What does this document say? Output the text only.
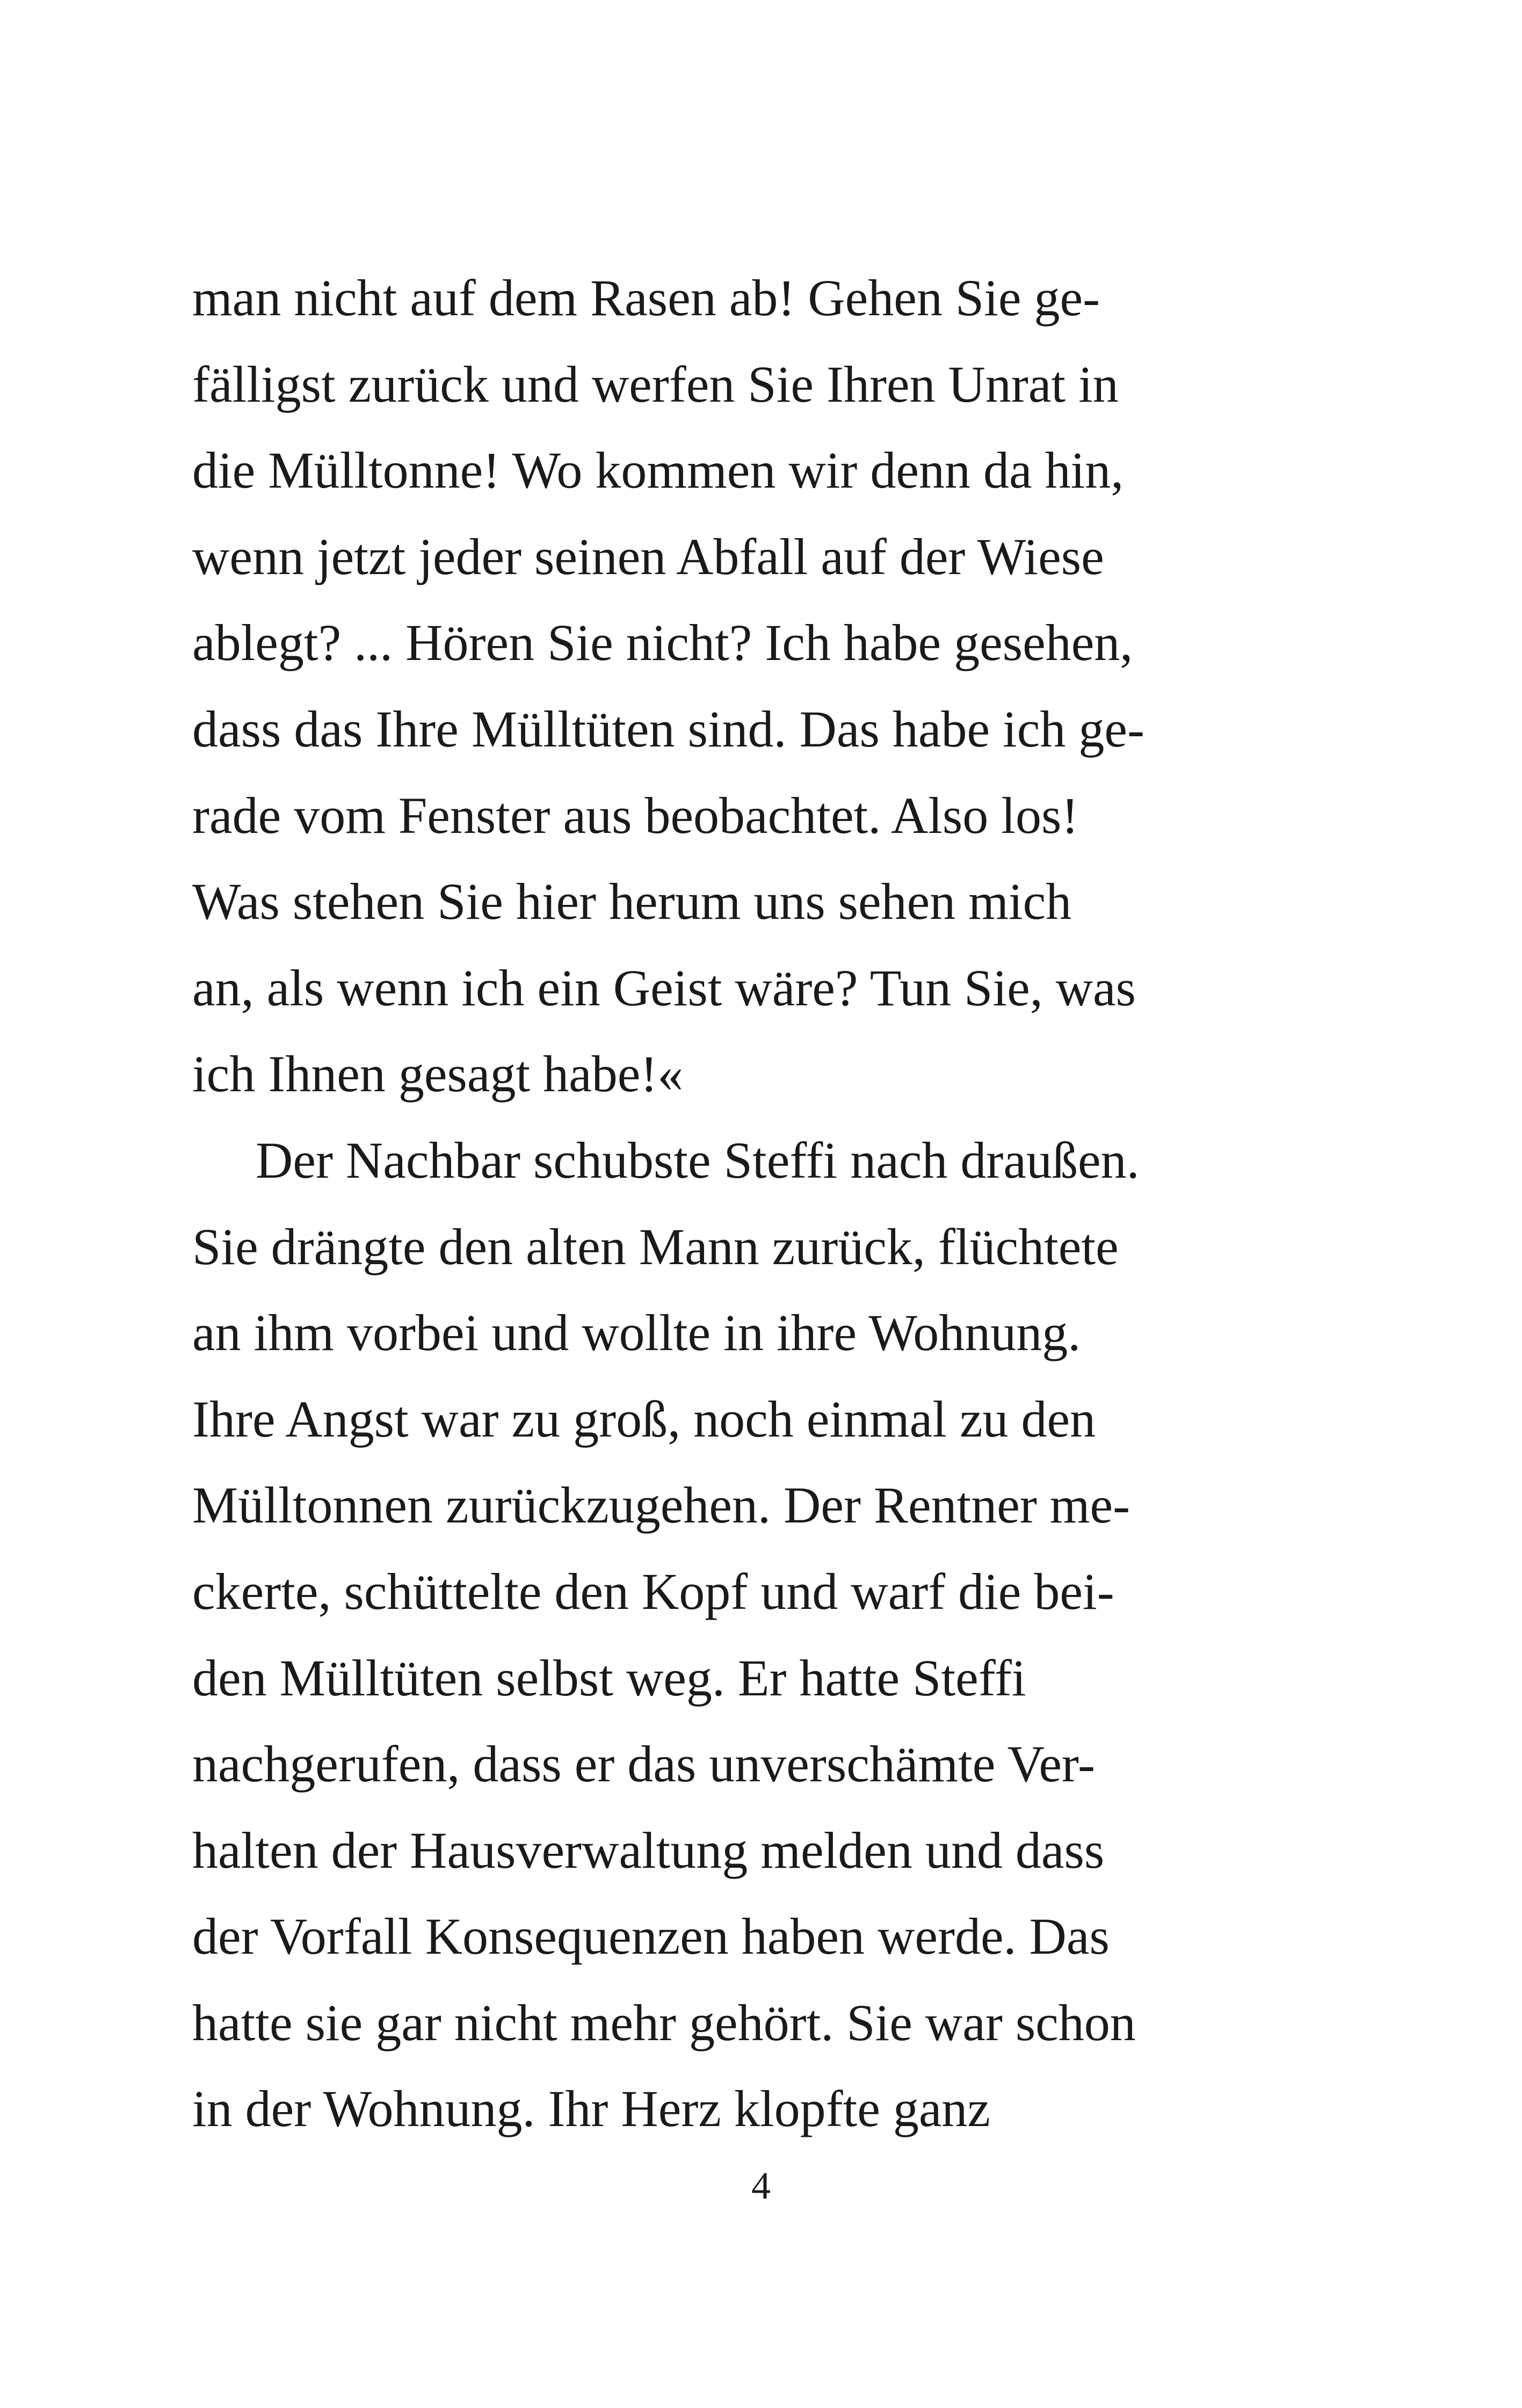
man nicht auf dem Rasen ab! Gehen Sie ge-
fälligst zurück und werfen Sie Ihren Unrat in
die Mülltonne! Wo kommen wir denn da hin,
wenn jetzt jeder seinen Abfall auf der Wiese
ablegt? ... Hören Sie nicht? Ich habe gesehen,
dass das Ihre Mülltüten sind. Das habe ich ge-
rade vom Fenster aus beobachtet. Also los!
Was stehen Sie hier herum uns sehen mich
an, als wenn ich ein Geist wäre? Tun Sie, was
ich Ihnen gesagt habe!«
Der Nachbar schubste Steffi nach draußen.
Sie drängte den alten Mann zurück, flüchtete
an ihm vorbei und wollte in ihre Wohnung.
Ihre Angst war zu groß, noch einmal zu den
Mülltonnen zurückzugehen. Der Rentner me-
ckerte, schüttelte den Kopf und warf die bei-
den Mülltüten selbst weg. Er hatte Steffi
nachgerufen, dass er das unverschämte Ver-
halten der Hausverwaltung melden und dass
der Vorfall Konsequenzen haben werde. Das
hatte sie gar nicht mehr gehört. Sie war schon
in der Wohnung. Ihr Herz klopfte ganz
4
